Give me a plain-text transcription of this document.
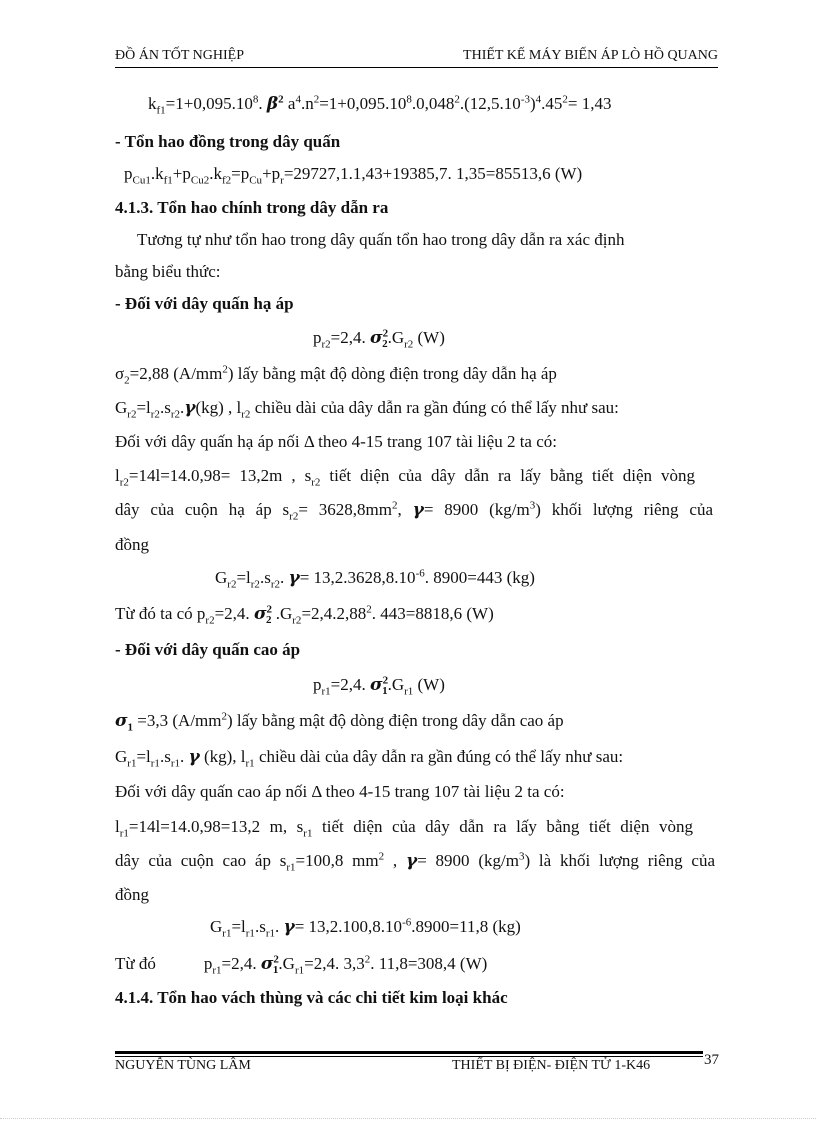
ĐỒ ÁN TỐT NGHIỆP	THIẾT KẾ MÁY BIẾN ÁP LÒ HỒ QUANG
$k_{f1}=1+0,095.10^8$. $\beta^2$ $a^4.n^2=1+0,095.10^8.0,048^2.(12,5.10^{-3})^4.45^2= 1,43$
- Tổn hao đồng trong dây quấn
$p_{Cu1}.k_{f1}+p_{Cu2}.k_{f2}=p_{Cu}+p_r=29727,1.1,43+19385,7$. 1,35=85513,6 (W)
4.1.3. Tổn hao chính trong dây dẫn ra
Tương tự như tổn hao trong dây quấn tổn hao trong dây dẫn ra xác định
bằng biểu thức:
- Đối với dây quấn hạ áp
$p_{r2}=2,4$. $\sigma^2_2.G_{r2}$ (W)
$\sigma_2=2,88$ $(A/mm^2)$ lấy bằng mật độ dòng điện trong dây dẫn hạ áp
$G_{r2}=l_{r2}.s_{r2}.\gamma(kg)$ , $l_{r2}$ chiều dài của dây dẫn ra gần đúng có thể lấy như sau:
Đối với dây quấn hạ áp nối Δ theo 4-15 trang 107 tài liệu 2 ta có:
$l_{r2}=14l=14.0,98= 13,2m$ , $s_{r2}$ tiết diện của dây dẫn ra lấy bằng tiết diện vòng
dây của cuộn hạ áp $s_{r2}= 3628,8mm^2$, γ= 8900 $(kg/m^3)$ khối lượng riêng của
đồng
$G_{r2}=l_{r2}.s_{r2}$. $\gamma= 13,2.3628,8.10^{-6}$. 8900=443 (kg)
Từ đó ta có $p_{r2}=2,4$. $\sigma^2_2$ $.G_{r2}=2,4.2,88^2$. 443=8818,6 (W)
- Đối với dây quấn cao áp
$p_{r1}=2,4$. $\sigma^2_1.G_{r1}$ (W)
$\sigma_1 =3,3$ $(A/mm^2)$ lấy bằng mật độ dòng điện trong dây dẫn cao áp
$G_{r1}=l_{r1}.s_{r1}$. γ (kg), $l_{r1}$ chiều dài của dây dẫn ra gần đúng có thể lấy như sau:
Đối với dây quấn cao áp nối Δ theo 4-15 trang 107 tài liệu 2 ta có:
$l_{r1}=14l=14.0,98=13,2$ m, $s_{r1}$ tiết diện của dây dẫn ra lấy bằng tiết diện vòng
dây của cuộn cao áp $s_{r1}=100,8$ $mm^2$ , γ= 8900 $(kg/m^3)$ là khối lượng riêng của
đồng
$G_{r1}=l_{r1}.s_{r1}$. $\gamma= 13,2.100,8.10^{-6}.8900=11,8$ (kg)
Từ đó	$p_{r1}=2,4$. $\sigma^2_1.G_{r1}=2,4$. $3,3^2$. 11,8=308,4 (W)
4.1.4. Tổn hao vách thùng và các chi tiết kim loại khác
NGUYỄN TÙNG LÂM	THIẾT BỊ ĐIỆN- ĐIỆN TỬ 1-K46	37
